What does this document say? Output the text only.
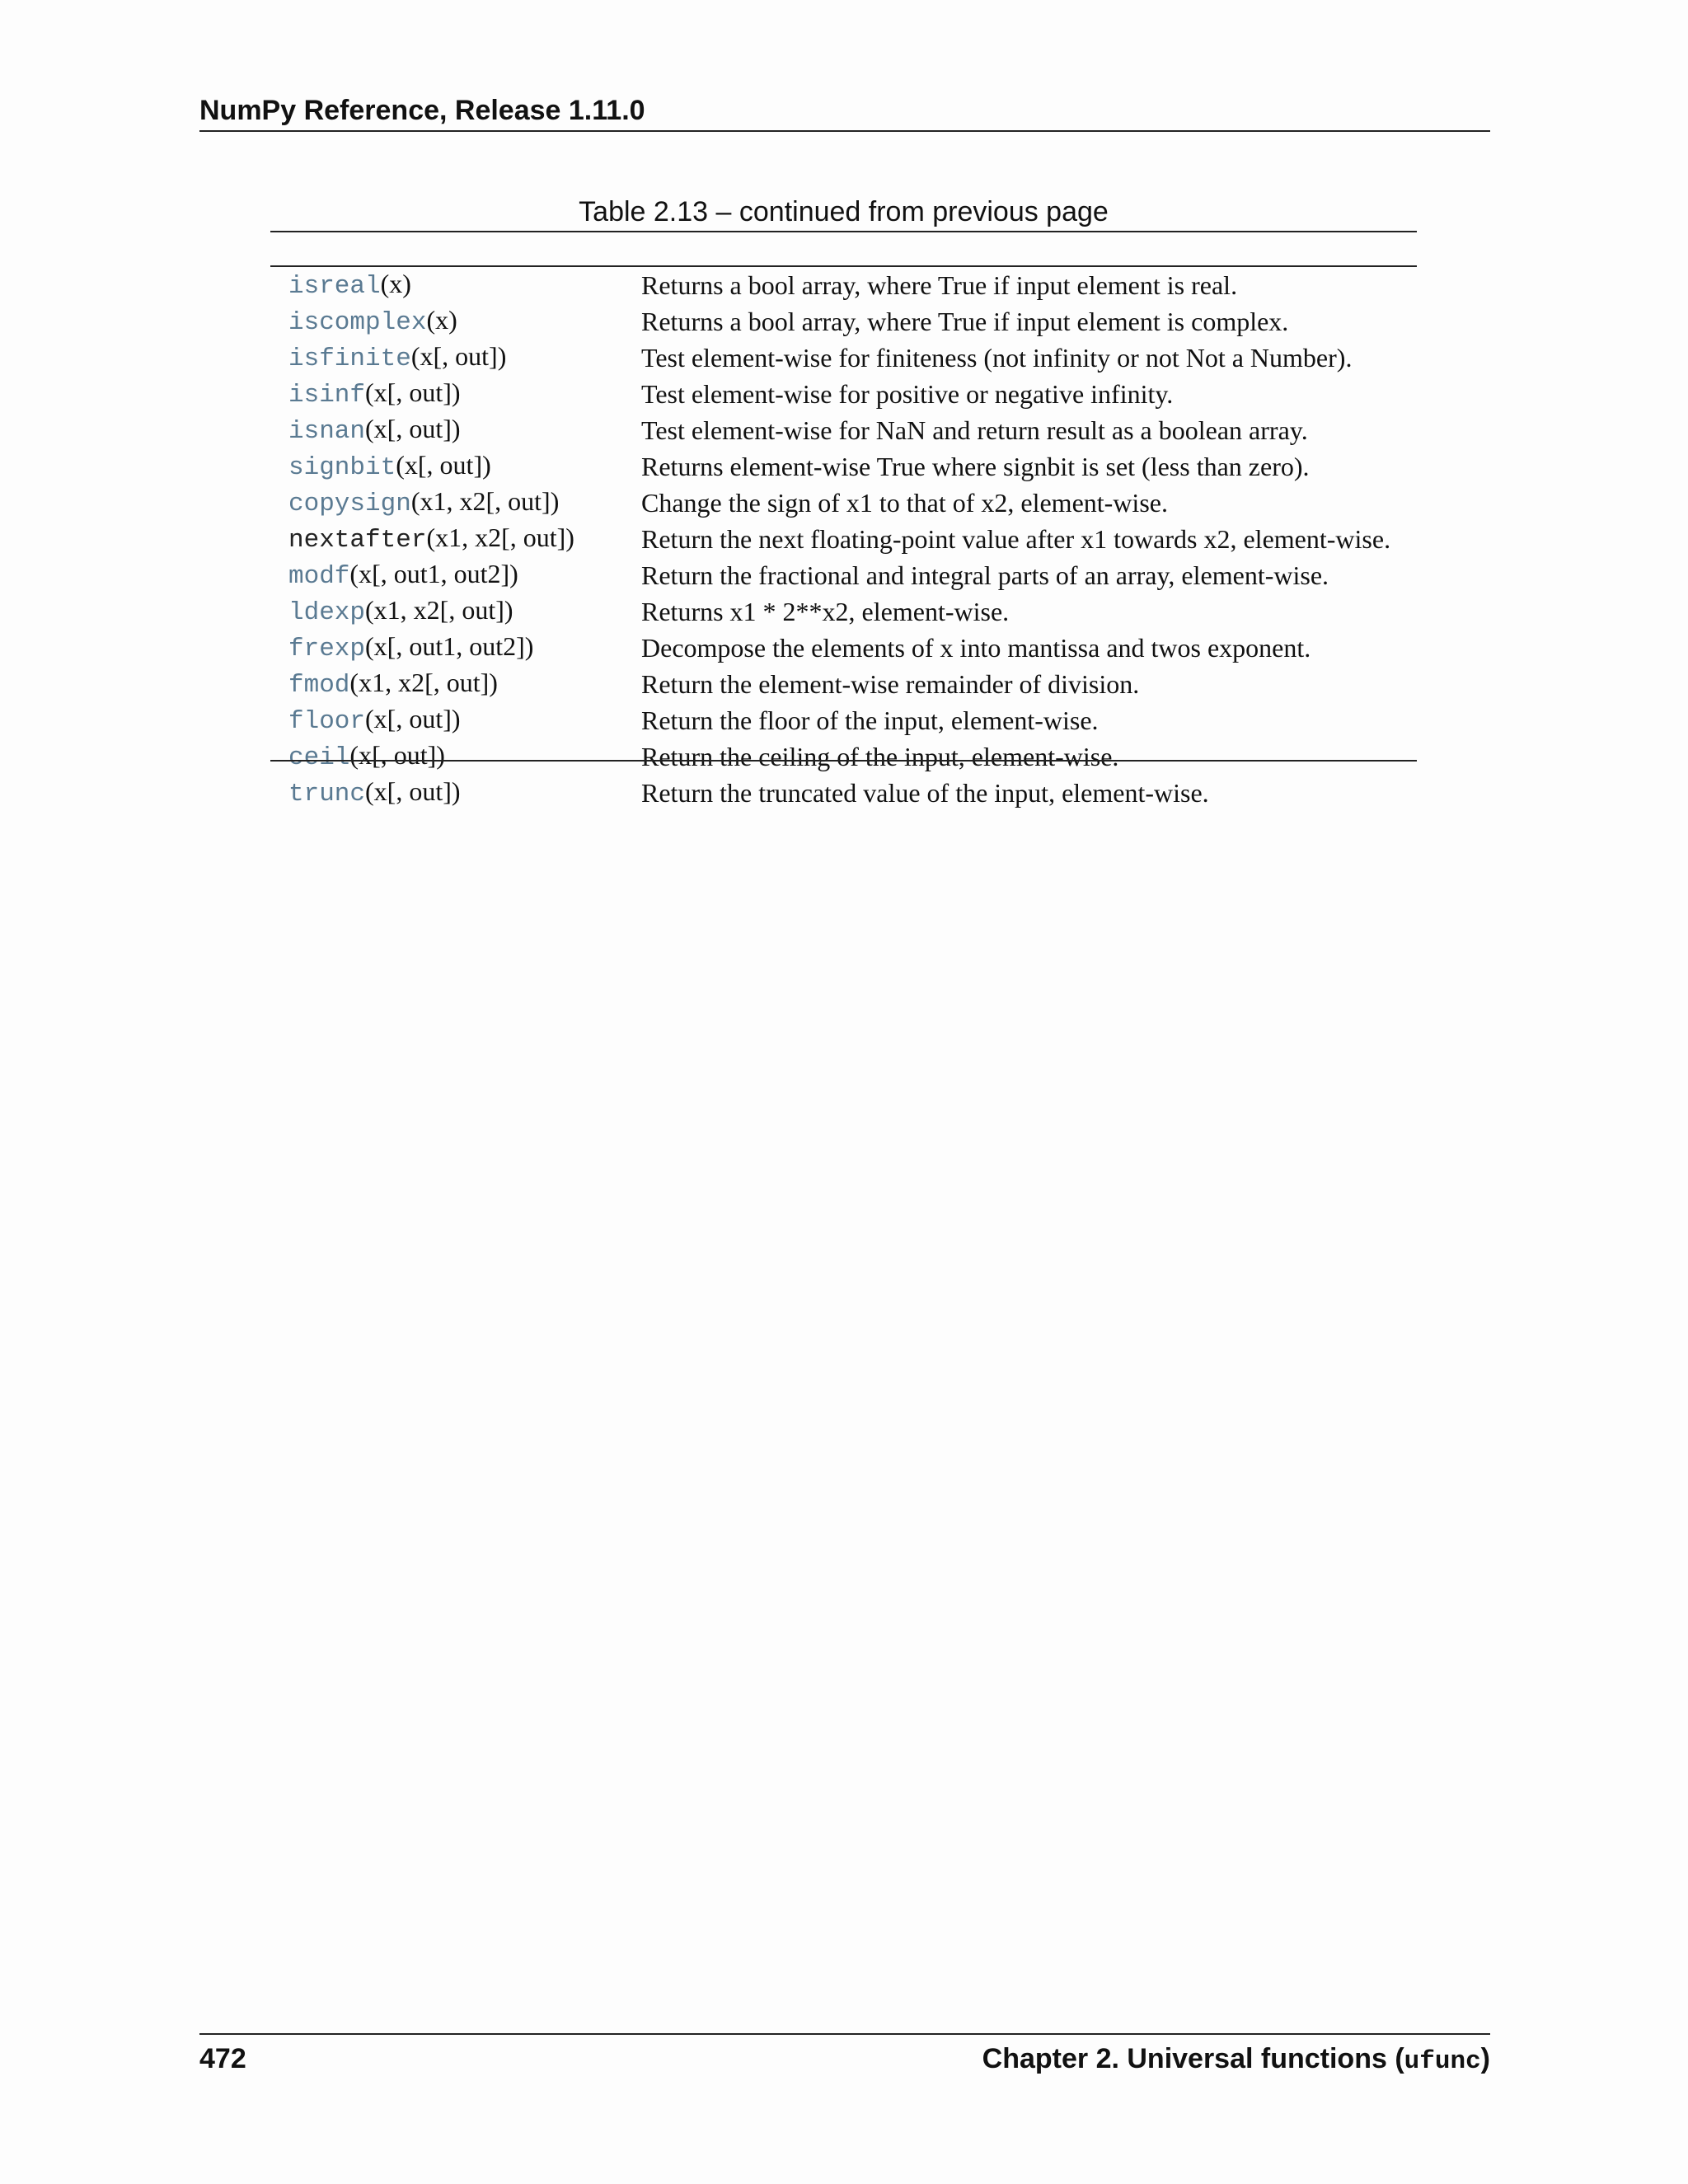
NumPy Reference, Release 1.11.0
Table 2.13 – continued from previous page
isreal(x)	Returns a bool array, where True if input element is real.
iscomplex(x)	Returns a bool array, where True if input element is complex.
isfinite(x[, out])	Test element-wise for finiteness (not infinity or not Not a Number).
isinf(x[, out])	Test element-wise for positive or negative infinity.
isnan(x[, out])	Test element-wise for NaN and return result as a boolean array.
signbit(x[, out])	Returns element-wise True where signbit is set (less than zero).
copysign(x1, x2[, out])	Change the sign of x1 to that of x2, element-wise.
nextafter(x1, x2[, out])	Return the next floating-point value after x1 towards x2, element-wise.
modf(x[, out1, out2])	Return the fractional and integral parts of an array, element-wise.
ldexp(x1, x2[, out])	Returns x1 * 2**x2, element-wise.
frexp(x[, out1, out2])	Decompose the elements of x into mantissa and twos exponent.
fmod(x1, x2[, out])	Return the element-wise remainder of division.
floor(x[, out])	Return the floor of the input, element-wise.
ceil(x[, out])	Return the ceiling of the input, element-wise.
trunc(x[, out])	Return the truncated value of the input, element-wise.
472	Chapter 2. Universal functions (ufunc)
